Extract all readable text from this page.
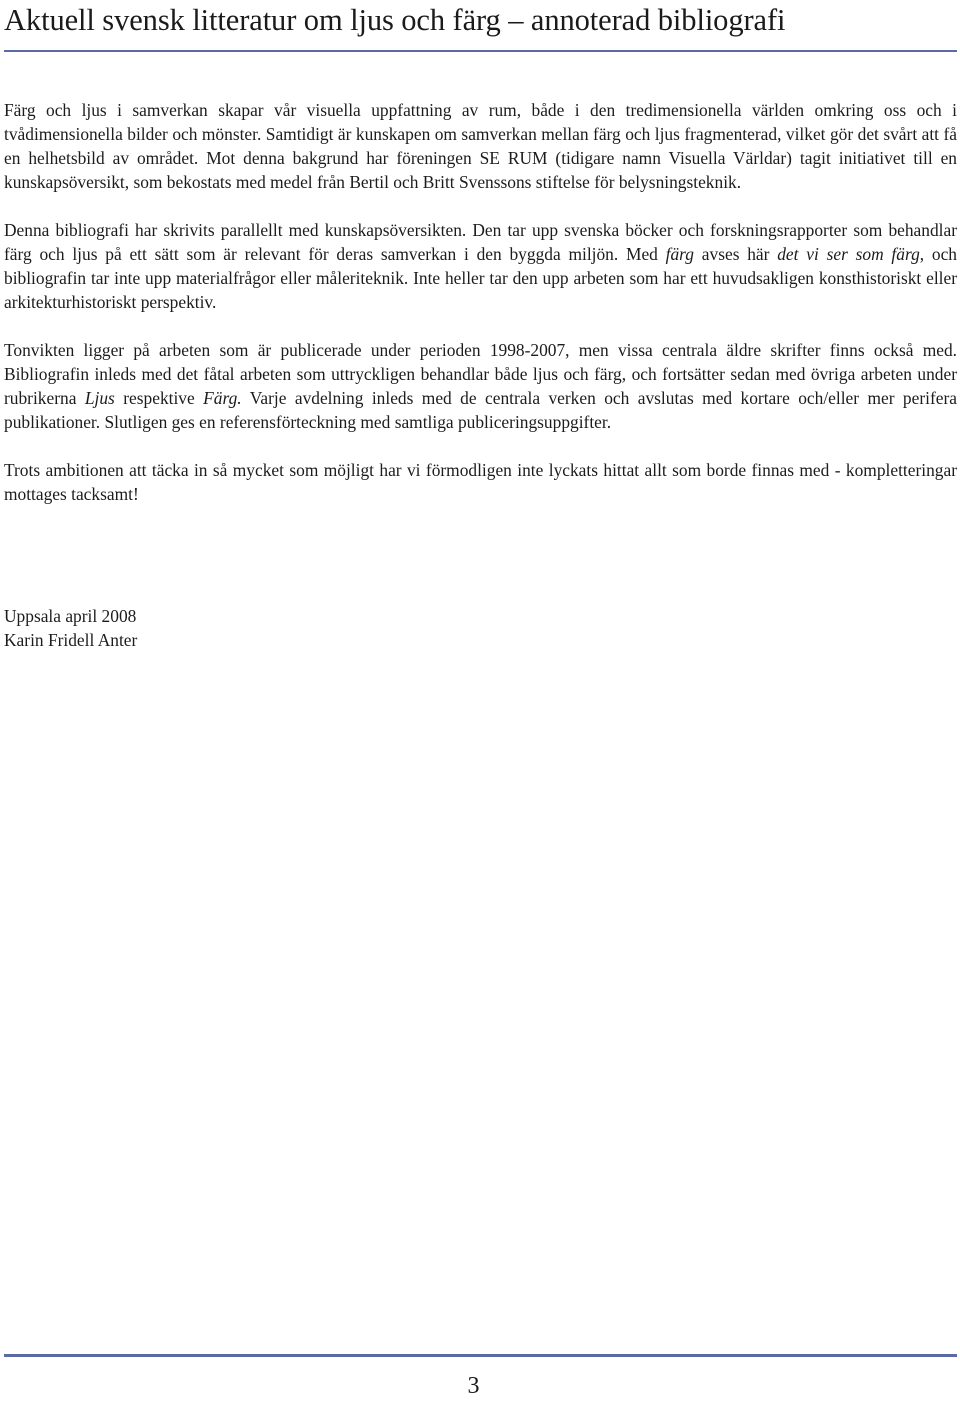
Aktuell svensk litteratur om ljus och färg – annoterad bibliografi

Färg och ljus i samverkan skapar vår visuella uppfattning av rum, både i den tredimensionella världen omkring oss och i tvådimensionella bilder och mönster. Samtidigt är kunskapen om samverkan mellan färg och ljus fragmenterad, vilket gör det svårt att få en helhetsbild av området. Mot denna bakgrund har föreningen SE RUM (tidigare namn Visuella Världar) tagit initiativet till en kunskapsöversikt, som bekostats med medel från Bertil och Britt Svenssons stiftelse för belysningsteknik.

Denna bibliografi har skrivits parallellt med kunskapsöversikten. Den tar upp svenska böcker och forskningsrapporter som behandlar färg och ljus på ett sätt som är relevant för deras samverkan i den byggda miljön. Med färg avses här det vi ser som färg, och bibliografin tar inte upp materialfrågor eller måleriteknik. Inte heller tar den upp arbeten som har ett huvudsakligen konsthistoriskt eller arkitekturhistoriskt perspektiv.

Tonvikten ligger på arbeten som är publicerade under perioden 1998-2007, men vissa centrala äldre skrifter finns också med. Bibliografin inleds med det fåtal arbeten som uttryckligen behandlar både ljus och färg, och fortsätter sedan med övriga arbeten under rubrikerna Ljus respektive Färg. Varje avdelning inleds med de centrala verken och avslutas med kortare och/eller mer perifera publikationer. Slutligen ges en referensförteckning med samtliga publiceringsuppgifter.

Trots ambitionen att täcka in så mycket som möjligt har vi förmodligen inte lyckats hittat allt som borde finnas med - kompletteringar mottages tacksamt!

Uppsala april 2008
Karin Fridell Anter
3
